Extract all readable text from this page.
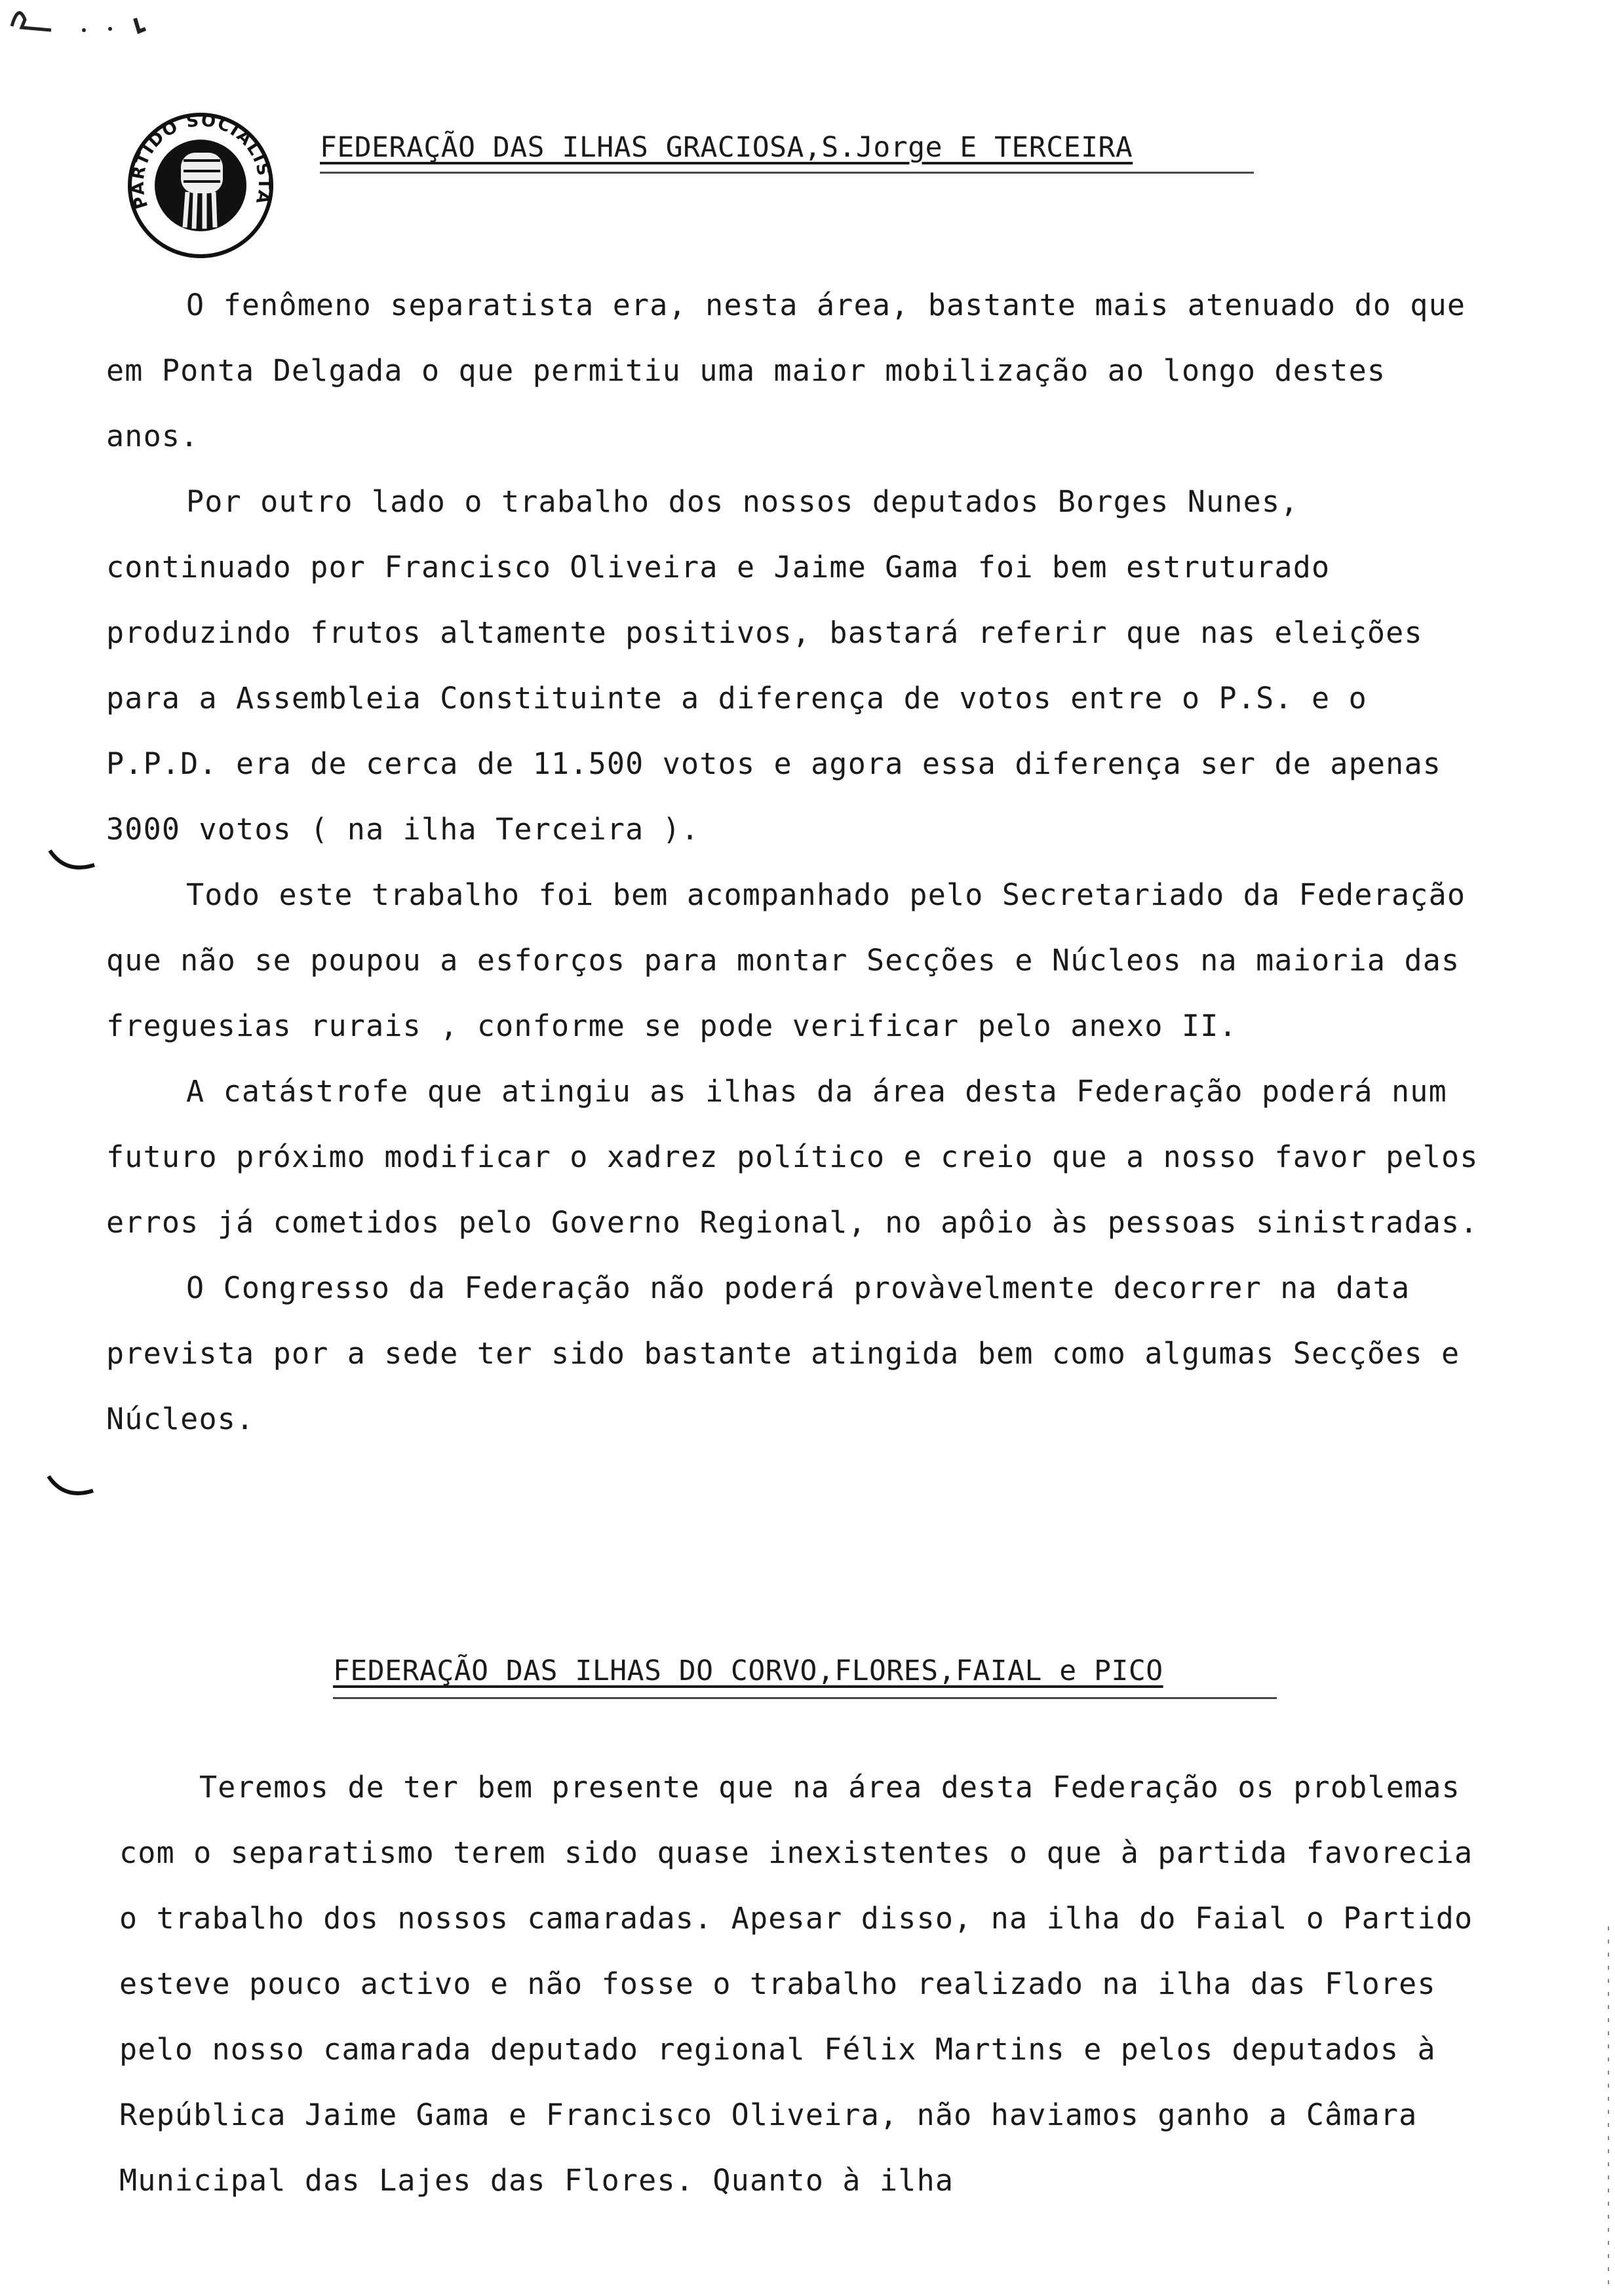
PARTIDO SOCIALISTA
FEDERAÇÃO DAS ILHAS GRACIOSA,S.Jorge E TERCEIRA

O fenômeno separatista era, nesta área, bastante mais atenuado do que em Ponta Delgada o que permitiu uma maior mobilização ao longo destes anos.

Por outro lado o trabalho dos nossos deputados Borges Nunes, continuado por Francisco Oliveira e Jaime Gama foi bem estruturado produzindo frutos altamente positivos, bastará referir que nas eleições para a Assembleia Constituinte a diferença de votos entre o P.S. e o P.P.D. era de cerca de 11.500 votos e agora essa diferença ser de apenas 3000 votos ( na ilha Terceira ).

Todo este trabalho foi bem acompanhado pelo Secretariado da Federação que não se poupou a esforços para montar Secções e Núcleos na maioria das freguesias rurais , conforme se pode verificar pelo anexo II.

A catástrofe que atingiu as ilhas da área desta Federação poderá num futuro próximo modificar o xadrez político e creio que a nosso favor pelos erros já cometidos pelo Governo Regional, no apôio às pessoas sinistradas.

O Congresso da Federação não poderá provàvelmente decorrer na data prevista por a sede ter sido bastante atingida bem como algumas Secções e Núcleos.

FEDERAÇÃO DAS ILHAS DO CORVO,FLORES,FAIAL e PICO

Teremos de ter bem presente que na área desta Federação os problemas com o separatismo terem sido quase inexistentes o que à partida favorecia o trabalho dos nossos camaradas. Apesar disso, na ilha do Faial o Partido esteve pouco activo e não fosse o trabalho realizado na ilha das Flores pelo nosso camarada deputado regional Félix Martins e pelos deputados à República Jaime Gama e Francisco Oliveira, não haviamos ganho a Câmara Municipal das Lajes das Flores. Quanto à ilha
